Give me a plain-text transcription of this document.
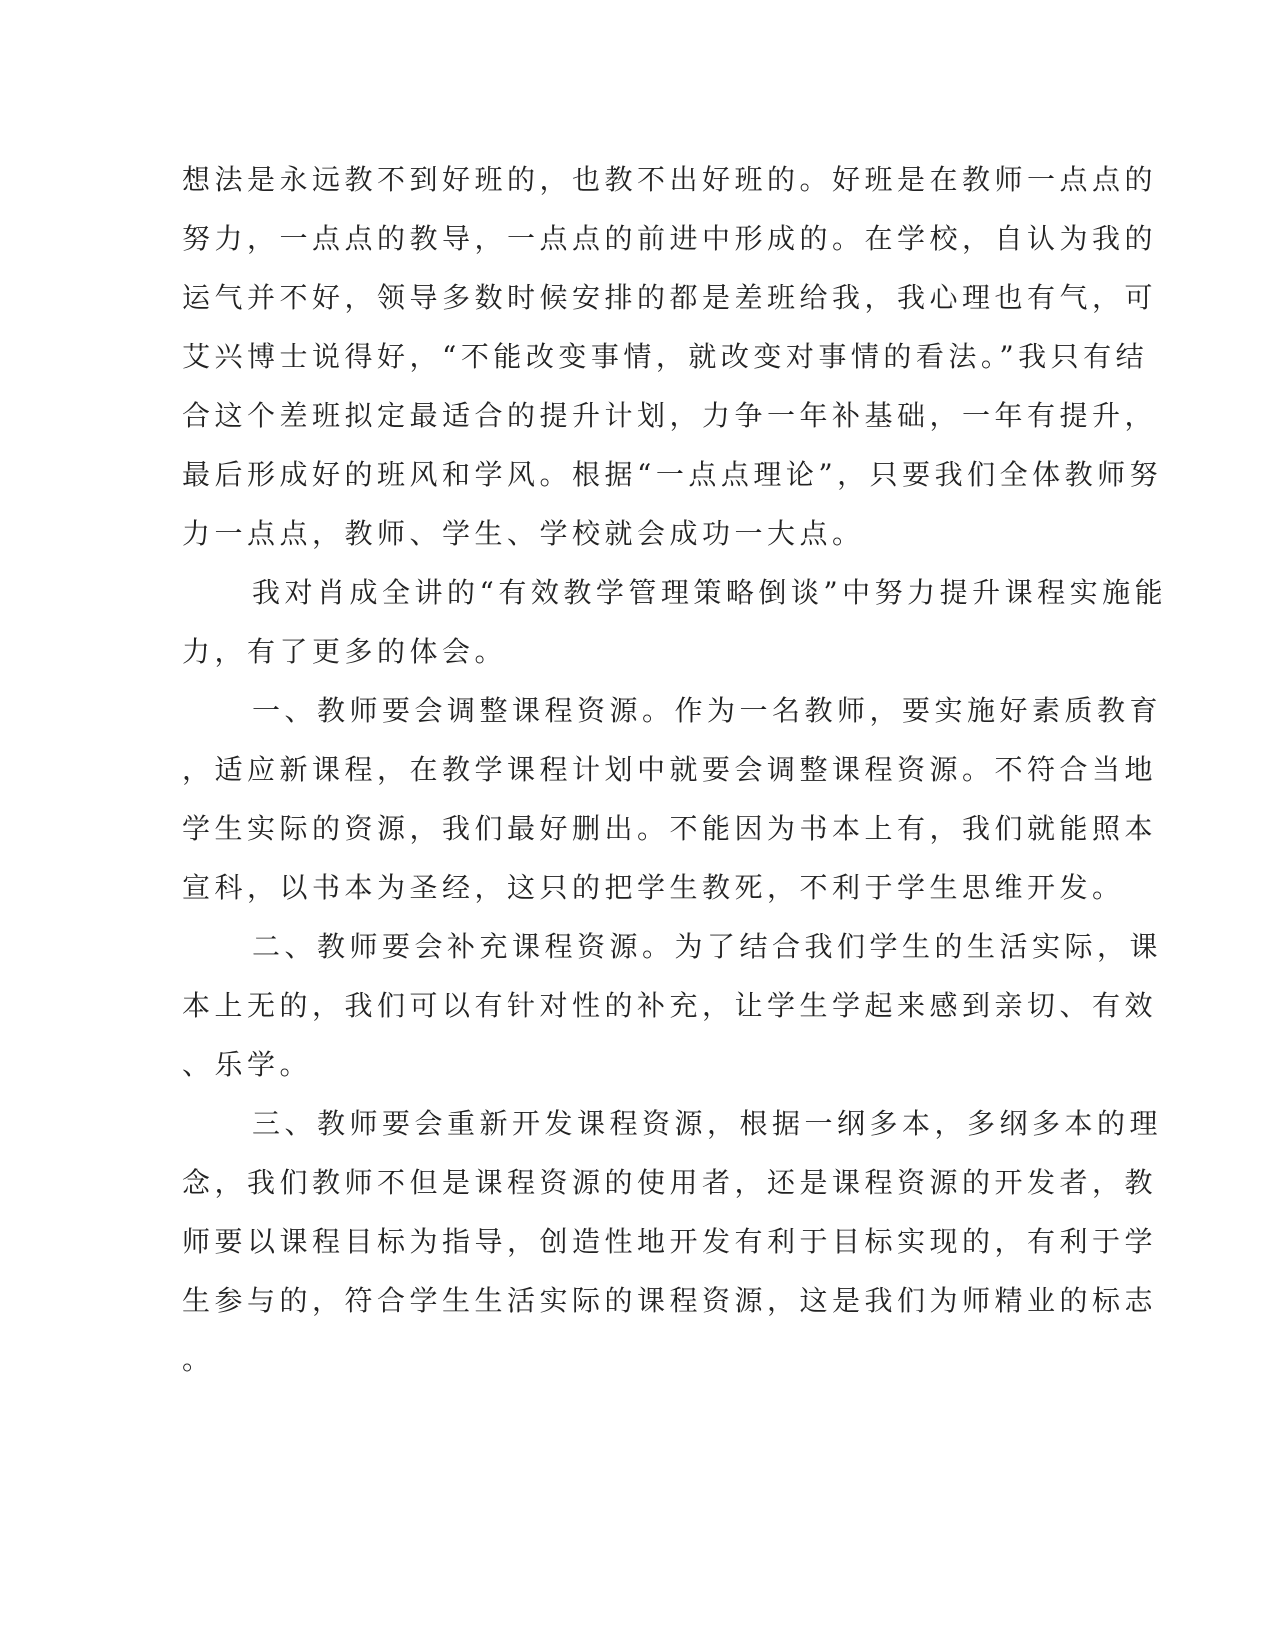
想法是永远教不到好班的，也教不出好班的。好班是在教师一点点的
努力，一点点的教导，一点点的前进中形成的。在学校，自认为我的
运气并不好，领导多数时候安排的都是差班给我，我心理也有气，可
艾兴博士说得好，“不能改变事情，就改变对事情的看法。”我只有结
合这个差班拟定最适合的提升计划，力争一年补基础，一年有提升，
最后形成好的班风和学风。根据“一点点理论”，只要我们全体教师努
力一点点，教师、学生、学校就会成功一大点。
我对肖成全讲的“有效教学管理策略倒谈”中努力提升课程实施能
力，有了更多的体会。
一、教师要会调整课程资源。作为一名教师，要实施好素质教育
，适应新课程，在教学课程计划中就要会调整课程资源。不符合当地
学生实际的资源，我们最好删出。不能因为书本上有，我们就能照本
宣科，以书本为圣经，这只的把学生教死，不利于学生思维开发。
二、教师要会补充课程资源。为了结合我们学生的生活实际，课
本上无的，我们可以有针对性的补充，让学生学起来感到亲切、有效
、乐学。
三、教师要会重新开发课程资源，根据一纲多本，多纲多本的理
念，我们教师不但是课程资源的使用者，还是课程资源的开发者，教
师要以课程目标为指导，创造性地开发有利于目标实现的，有利于学
生参与的，符合学生生活实际的课程资源，这是我们为师精业的标志
。
